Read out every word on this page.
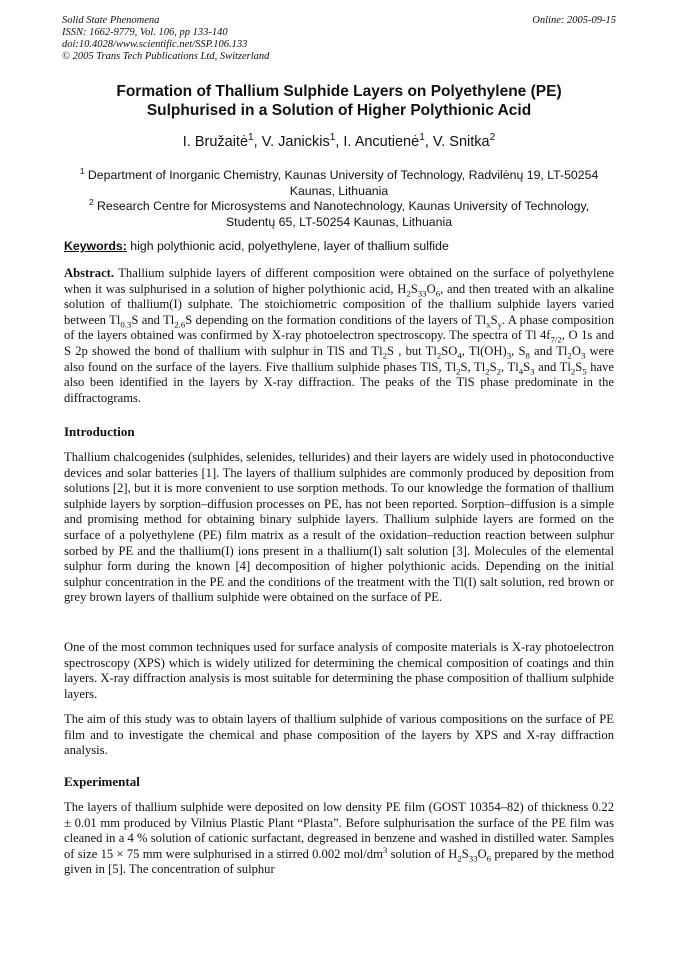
Solid State Phenomena
ISSN: 1662-9779, Vol. 106, pp 133-140
doi:10.4028/www.scientific.net/SSP.106.133
© 2005 Trans Tech Publications Ltd, Switzerland
Online: 2005-09-15
Formation of Thallium Sulphide Layers on Polyethylene (PE)
Sulphurised in a Solution of Higher Polythionic Acid
I. Bružaitė$^1$, V. Janickis$^1$, I. Ancutienė$^1$, V. Snitka$^2$
$^1$ Department of Inorganic Chemistry, Kaunas University of Technology, Radvilėnų 19, LT-50254
Kaunas, Lithuania
$^2$ Research Centre for Microsystems and Nanotechnology, Kaunas University of Technology,
Studentų 65, LT-50254 Kaunas, Lithuania
Keywords: high polythionic acid, polyethylene, layer of thallium sulfide
Abstract. Thallium sulphide layers of different composition were obtained on the surface of polyethylene when it was sulphurised in a solution of higher polythionic acid, $H_2S_{33}O_6$, and then treated with an alkaline solution of thallium(I) sulphate. The stoichiometric composition of the thallium sulphide layers varied between $Tl_{0.3}S$ and $Tl_{2.6}S$ depending on the formation conditions of the layers of $Tl_xS_y$. A phase composition of the layers obtained was confirmed by X-ray photoelectron spectroscopy. The spectra of Tl $4f_{7/2}$, O 1s and S 2p showed the bond of thallium with sulphur in TlS and $Tl_2S$ , but $Tl_2SO_4$, $Tl(OH)_3$, $S_8$ and $Tl_2O_3$ were also found on the surface of the layers. Five thallium sulphide phases TlS, $Tl_2S$, $Tl_2S_2$, $Tl_4S_3$ and $Tl_2S_5$ have also been identified in the layers by X-ray diffraction. The peaks of the TlS phase predominate in the diffractograms.
Introduction
Thallium chalcogenides (sulphides, selenides, tellurides) and their layers are widely used in photoconductive devices and solar batteries [1]. The layers of thallium sulphides are commonly produced by deposition from solutions [2], but it is more convenient to use sorption methods. To our knowledge the formation of thallium sulphide layers by sorption–diffusion processes on PE, has not been reported. Sorption–diffusion is a simple and promising method for obtaining binary sulphide layers. Thallium sulphide layers are formed on the surface of a polyethylene (PE) film matrix as a result of the oxidation–reduction reaction between sulphur sorbed by PE and the thallium(I) ions present in a thallium(I) salt solution [3]. Molecules of the elemental sulphur form during the known [4] decomposition of higher polythionic acids. Depending on the initial sulphur concentration in the PE and the conditions of the treatment with the Tl(I) salt solution, red brown or grey brown layers of thallium sulphide were obtained on the surface of PE.
One of the most common techniques used for surface analysis of composite materials is X-ray photoelectron spectroscopy (XPS) which is widely utilized for determining the chemical composition of coatings and thin layers. X-ray diffraction analysis is most suitable for determining the phase composition of thallium sulphide layers.
The aim of this study was to obtain layers of thallium sulphide of various compositions on the surface of PE film and to investigate the chemical and phase composition of the layers by XPS and X-ray diffraction analysis.
Experimental
The layers of thallium sulphide were deposited on low density PE film (GOST 10354–82) of thickness 0.22 ± 0.01 mm produced by Vilnius Plastic Plant “Plasta”. Before sulphurisation the surface of the PE film was cleaned in a 4 % solution of cationic surfactant, degreased in benzene and washed in distilled water. Samples of size 15 × 75 mm were sulphurised in a stirred 0.002 mol/$dm^3$ solution of $H_2S_{33}O_6$ prepared by the method given in [5]. The concentration of sulphur
